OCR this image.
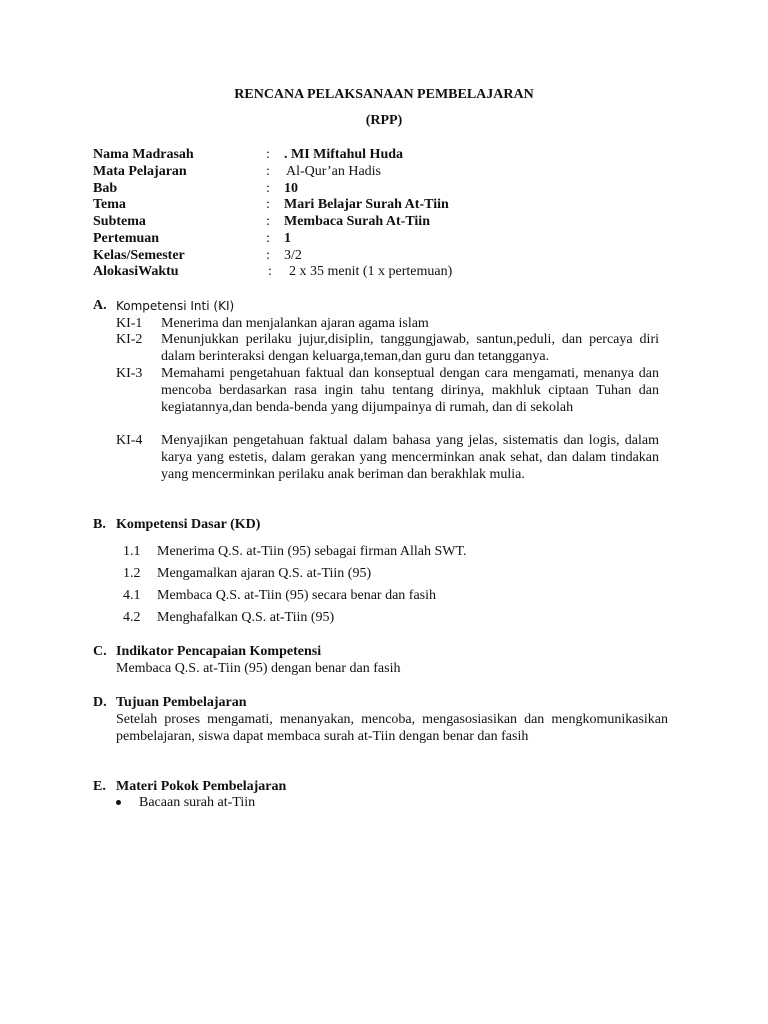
RENCANA PELAKSANAAN PEMBELAJARAN
(RPP)
Nama Madrasah	: . MI Miftahul Huda
Mata Pelajaran	: Al-Qur’an Hadis
Bab	: 10
Tema	: Mari Belajar Surah At-Tiin
Subtema	: Membaca Surah At-Tiin
Pertemuan	: 1
Kelas/Semester	: 3/2
AlokasiWaktu	: 2 x 35 menit (1 x pertemuan)
A. Kompetensi Inti (KI)
KI-1 Menerima dan menjalankan ajaran agama islam
KI-2 Menunjukkan perilaku jujur,disiplin, tanggungjawab, santun,peduli, dan percaya diri dalam berinteraksi dengan keluarga,teman,dan guru dan tetangganya.
KI-3 Memahami pengetahuan faktual dan konseptual dengan cara mengamati, menanya dan mencoba berdasarkan rasa ingin tahu tentang dirinya, makhluk ciptaan Tuhan dan kegiatannya,dan benda-benda yang dijumpainya di rumah, dan di sekolah
KI-4 Menyajikan pengetahuan faktual dalam bahasa yang jelas, sistematis dan logis, dalam karya yang estetis, dalam gerakan yang mencerminkan anak sehat, dan dalam tindakan yang mencerminkan perilaku anak beriman dan berakhlak mulia.
B. Kompetensi Dasar (KD)
1.1 Menerima Q.S. at-Tiin (95) sebagai firman Allah SWT.
1.2 Mengamalkan ajaran Q.S. at-Tiin (95)
4.1 Membaca Q.S. at-Tiin (95) secara benar dan fasih
4.2 Menghafalkan Q.S. at-Tiin (95)
C. Indikator Pencapaian Kompetensi
Membaca Q.S. at-Tiin (95) dengan benar dan fasih
D. Tujuan Pembelajaran
Setelah proses mengamati, menanyakan, mencoba, mengasosiasikan dan mengkomunikasikan pembelajaran, siswa dapat membaca surah at-Tiin dengan benar dan fasih
E. Materi Pokok Pembelajaran
Bacaan surah at-Tiin
